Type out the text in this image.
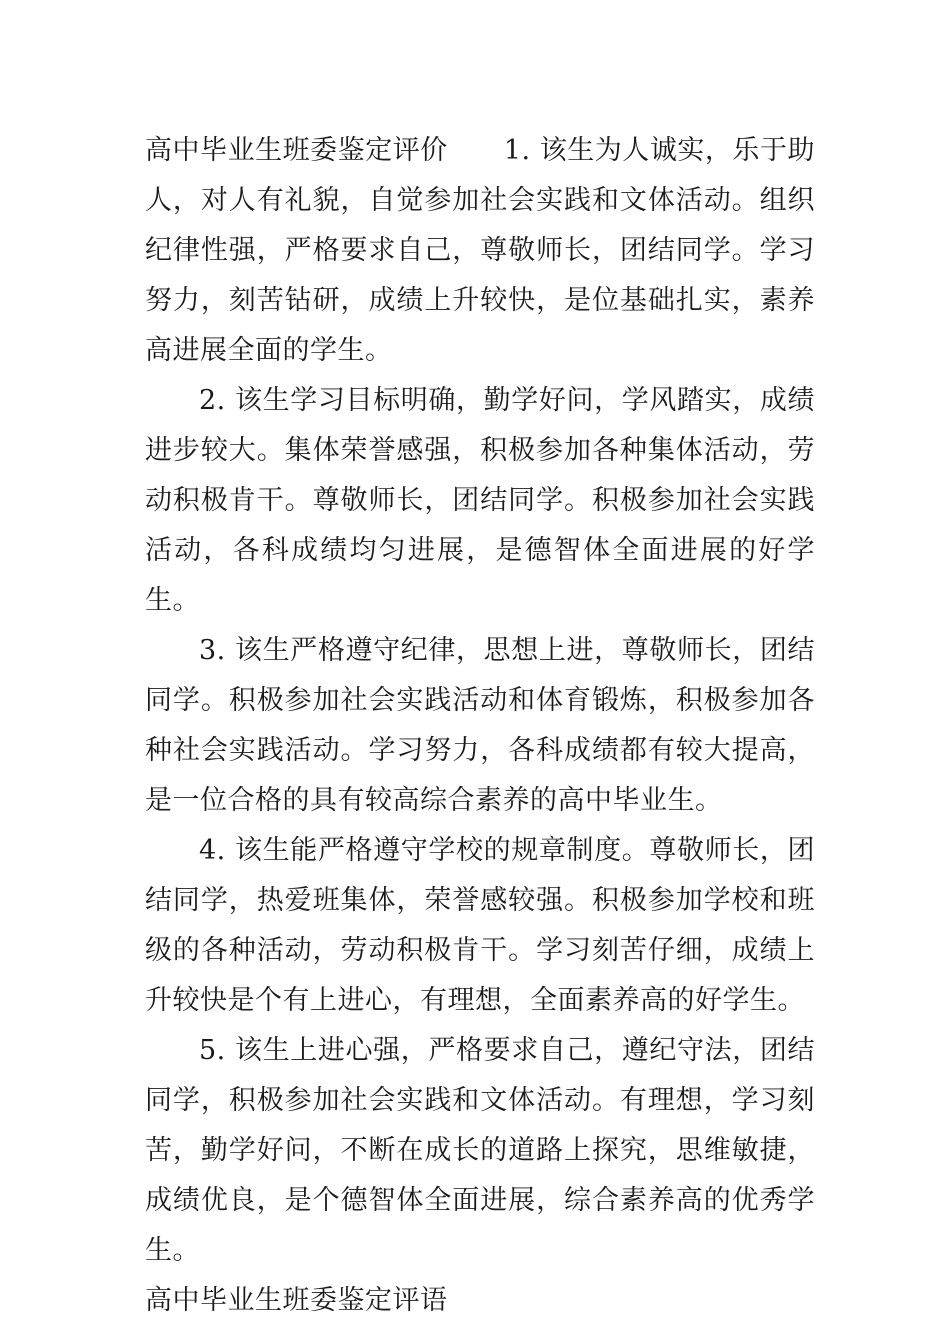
高中毕业生班委鉴定评价 1. 该生为人诚实，乐于助人，对人有礼貌，自觉参加社会实践和文体活动。组织纪律性强，严格要求自己，尊敬师长，团结同学。学习努力，刻苦钻研，成绩上升较快，是位基础扎实，素养高进展全面的学生。

2. 该生学习目标明确，勤学好问，学风踏实，成绩进步较大。集体荣誉感强，积极参加各种集体活动，劳动积极肯干。尊敬师长，团结同学。积极参加社会实践活动，各科成绩均匀进展，是德智体全面进展的好学生。

3. 该生严格遵守纪律，思想上进，尊敬师长，团结同学。积极参加社会实践活动和体育锻炼，积极参加各种社会实践活动。学习努力，各科成绩都有较大提高，是一位合格的具有较高综合素养的高中毕业生。

4. 该生能严格遵守学校的规章制度。尊敬师长，团结同学，热爱班集体，荣誉感较强。积极参加学校和班级的各种活动，劳动积极肯干。学习刻苦仔细，成绩上升较快是个有上进心，有理想，全面素养高的好学生。

5. 该生上进心强，严格要求自己，遵纪守法，团结同学，积极参加社会实践和文体活动。有理想，学习刻苦，勤学好问，不断在成长的道路上探究，思维敏捷，成绩优良，是个德智体全面进展，综合素养高的优秀学生。

高中毕业生班委鉴定评语
